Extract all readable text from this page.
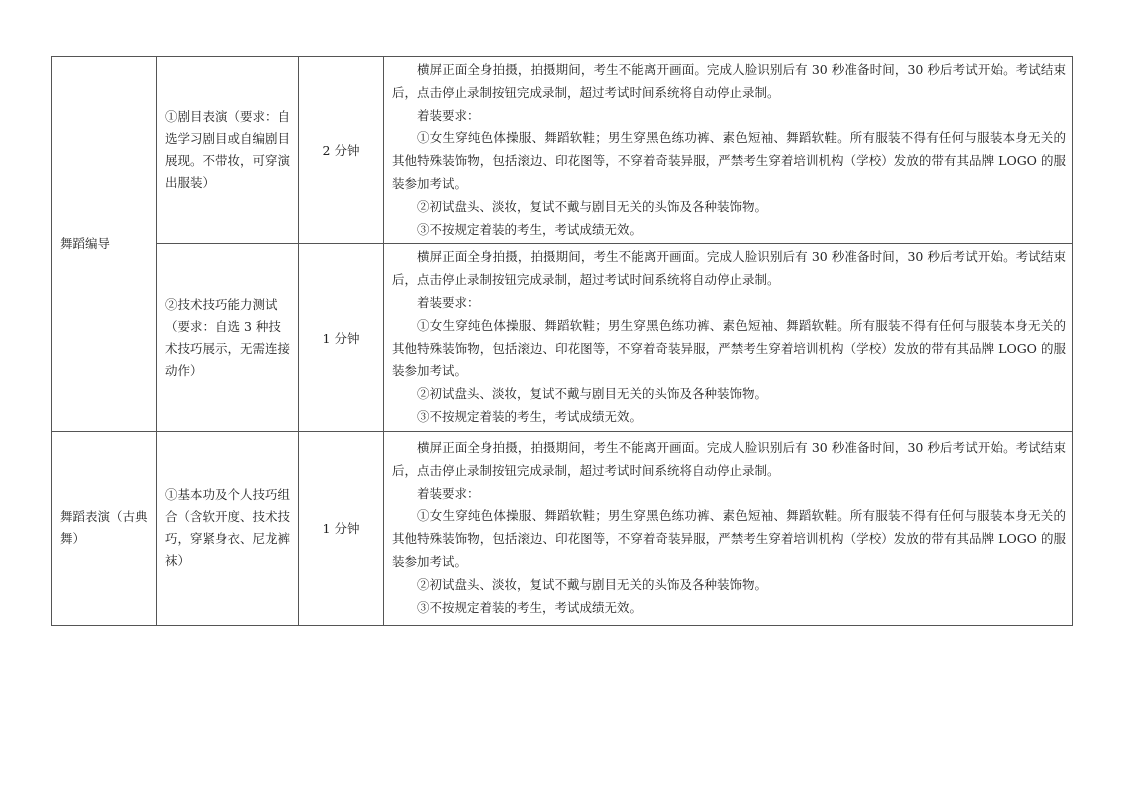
舞蹈编导	①剧目表演（要求：自选学习剧目或自编剧目展现。不带妆，可穿演出服装）	2 分钟	横屏正面全身拍摄，拍摄期间，考生不能离开画面。完成人脸识别后有 30 秒准备时间，30 秒后考试开始。考试结束后，点击停止录制按钮完成录制，超过考试时间系统将自动停止录制。

着装要求：

①女生穿纯色体操服、舞蹈软鞋；男生穿黑色练功裤、素色短袖、舞蹈软鞋。所有服装不得有任何与服装本身无关的其他特殊装饰物，包括滚边、印花图等，不穿着奇装异服，严禁考生穿着培训机构（学校）发放的带有其品牌 LOGO 的服装参加考试。

②初试盘头、淡妆，复试不戴与剧目无关的头饰及各种装饰物。

③不按规定着装的考生，考试成绩无效。

	②技术技巧能力测试（要求：自选 3 种技术技巧展示，无需连接动作）	1 分钟	横屏正面全身拍摄，拍摄期间，考生不能离开画面。完成人脸识别后有 30 秒准备时间，30 秒后考试开始。考试结束后，点击停止录制按钮完成录制，超过考试时间系统将自动停止录制。

着装要求：

①女生穿纯色体操服、舞蹈软鞋；男生穿黑色练功裤、素色短袖、舞蹈软鞋。所有服装不得有任何与服装本身无关的其他特殊装饰物，包括滚边、印花图等，不穿着奇装异服，严禁考生穿着培训机构（学校）发放的带有其品牌 LOGO 的服装参加考试。

②初试盘头、淡妆，复试不戴与剧目无关的头饰及各种装饰物。

③不按规定着装的考生，考试成绩无效。

舞蹈表演（古典舞）	①基本功及个人技巧组合（含软开度、技术技巧，穿紧身衣、尼龙裤袜）	1 分钟	横屏正面全身拍摄，拍摄期间，考生不能离开画面。完成人脸识别后有 30 秒准备时间，30 秒后考试开始。考试结束后，点击停止录制按钮完成录制，超过考试时间系统将自动停止录制。

着装要求：

①女生穿纯色体操服、舞蹈软鞋；男生穿黑色练功裤、素色短袖、舞蹈软鞋。所有服装不得有任何与服装本身无关的其他特殊装饰物，包括滚边、印花图等，不穿着奇装异服，严禁考生穿着培训机构（学校）发放的带有其品牌 LOGO 的服装参加考试。

②初试盘头、淡妆，复试不戴与剧目无关的头饰及各种装饰物。

③不按规定着装的考生，考试成绩无效。
